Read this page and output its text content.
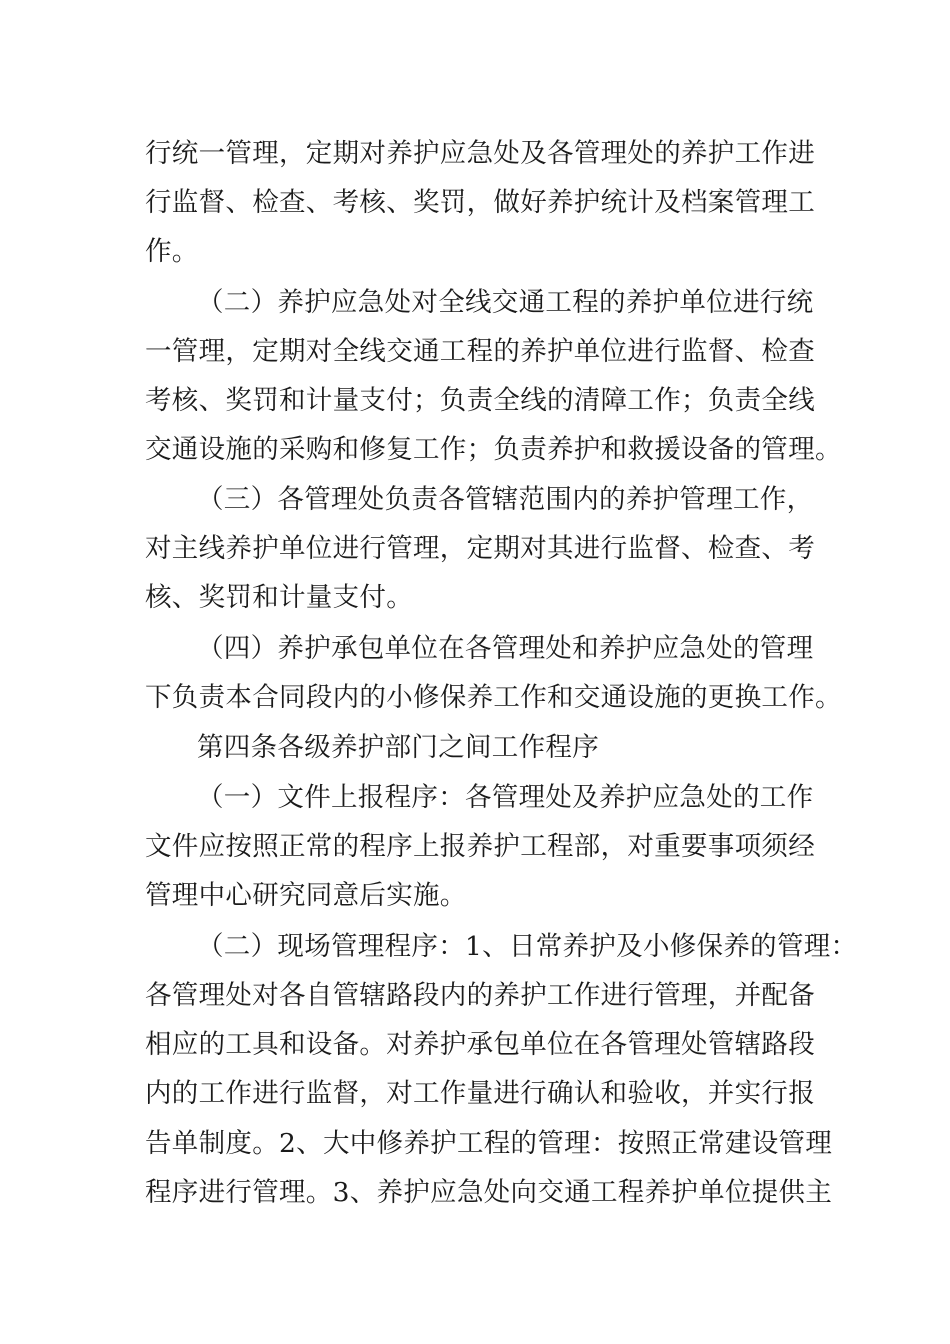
行统一管理，定期对养护应急处及各管理处的养护工作进
行监督、检查、考核、奖罚，做好养护统计及档案管理工
作。
（二）养护应急处对全线交通工程的养护单位进行统
一管理，定期对全线交通工程的养护单位进行监督、检查
考核、奖罚和计量支付；负责全线的清障工作；负责全线
交通设施的采购和修复工作；负责养护和救援设备的管理。
（三）各管理处负责各管辖范围内的养护管理工作，
对主线养护单位进行管理，定期对其进行监督、检查、考
核、奖罚和计量支付。
（四）养护承包单位在各管理处和养护应急处的管理
下负责本合同段内的小修保养工作和交通设施的更换工作。
第四条各级养护部门之间工作程序
（一）文件上报程序：各管理处及养护应急处的工作
文件应按照正常的程序上报养护工程部，对重要事项须经
管理中心研究同意后实施。
（二）现场管理程序：1、日常养护及小修保养的管理：
各管理处对各自管辖路段内的养护工作进行管理，并配备
相应的工具和设备。对养护承包单位在各管理处管辖路段
内的工作进行监督，对工作量进行确认和验收，并实行报
告单制度。2、大中修养护工程的管理：按照正常建设管理
程序进行管理。3、养护应急处向交通工程养护单位提供主
